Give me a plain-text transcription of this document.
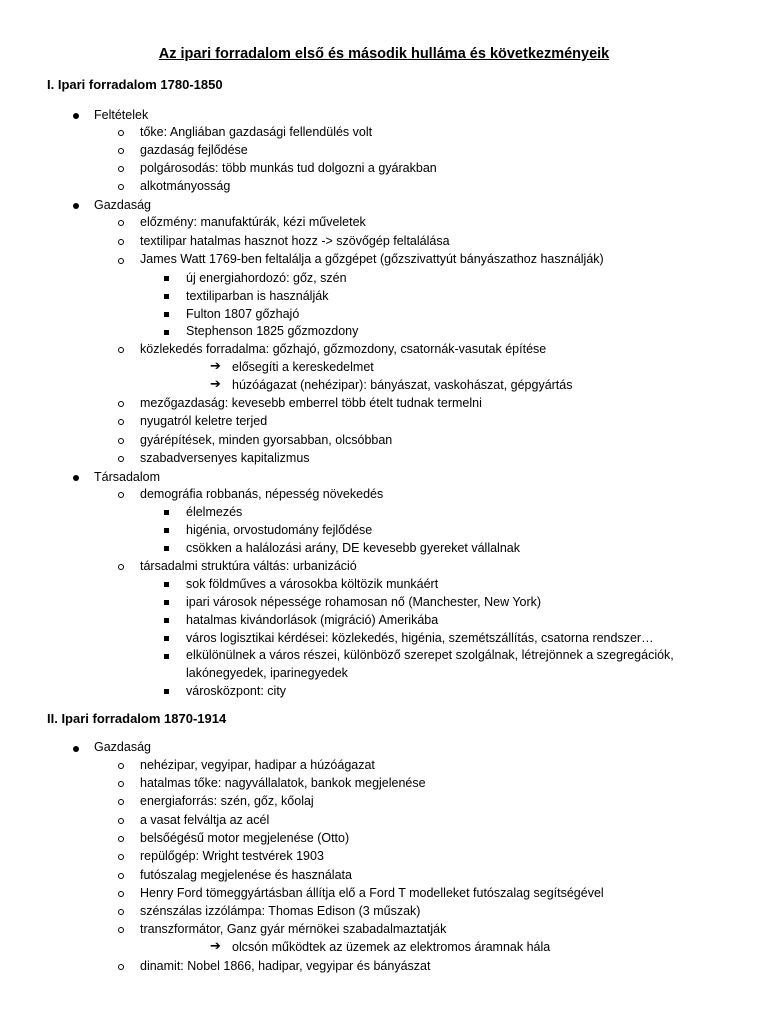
Az ipari forradalom első és második hulláma és következményeik
I. Ipari forradalom 1780-1850
Feltételek
tőke: Angliában gazdasági fellendülés volt
gazdaság fejlődése
polgárosodás: több munkás tud dolgozni a gyárakban
alkotmányosság
Gazdaság
előzmény: manufaktúrák, kézi műveletek
textilipar hatalmas hasznot hozz -> szövőgép feltalálása
James Watt 1769-ben feltalálja a gőzgépet (gőzszivattyút bányászathoz használják)
új energiahordozó: gőz, szén
textiliparban is használják
Fulton 1807 gőzhajó
Stephenson 1825 gőzmozdony
közlekedés forradalma: gőzhajó, gőzmozdony, csatornák-vasutak építése
➔ elősegíti a kereskedelmet
➔ húzóágazat (nehézipar): bányászat, vaskohászat, gépgyártás
mezőgazdaság: kevesebb emberrel több ételt tudnak termelni
nyugatról keletre terjed
gyárépítések, minden gyorsabban, olcsóbban
szabadversenyes kapitalizmus
Társadalom
demográfia robbanás, népesség növekedés
élelmezés
higénia, orvostudomány fejlődése
csökken a halálozási arány, DE kevesebb gyereket vállalnak
társadalmi struktúra váltás: urbanizáció
sok földműves a városokba költözik munkáért
ipari városok népessége rohamosan nő (Manchester, New York)
hatalmas kivándorlások (migráció) Amerikába
város logisztikai kérdései: közlekedés, higénia, szemétszállítás, csatorna rendszer…
elkülönülnek a város részei, különböző szerepet szolgálnak, létrejönnek a szegregációk,
lakónegyedek, iparinegyedek
városközpont: city
II. Ipari forradalom 1870-1914
Gazdaság
nehézipar, vegyipar, hadipar a húzóágazat
hatalmas tőke: nagyvállalatok, bankok megjelenése
energiaforrás: szén, gőz, kőolaj
a vasat felváltja az acél
belsőégésű motor megjelenése (Otto)
repülőgép: Wright testvérek 1903
futószalag megjelenése és használata
Henry Ford tömeggyártásban állítja elő a Ford T modelleket futószalag segítségével
szénszálas izzólámpa: Thomas Edison (3 műszak)
transzformátor, Ganz gyár mérnökei szabadalmaztatják
➔ olcsón működtek az üzemek az elektromos áramnak hála
dinamit: Nobel 1866, hadipar, vegyipar és bányászat
